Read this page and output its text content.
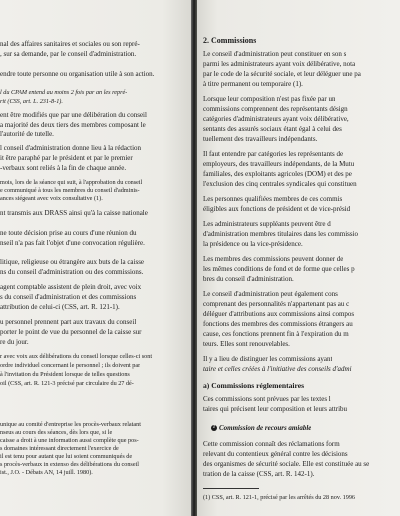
nal des affaires sanitaires et sociales ou son repré-
, sur sa demande, par le conseil d'administration.
endre toute personne ou organisation utile à son action.
l du CPAM entend au moins 2 fois par an les repré-
rit (CSS, art. L. 231-8-1).
ent être modifiés que par une délibération du conseil
a majorité des deux tiers des membres composant le
l'autorité de tutelle.
l conseil d'administration donne lieu à la rédaction
it être paraphé par le président et par le premier
-verbaux sont reliés à la fin de chaque année.
mois, lors de la séance qui suit, à l'approbation du conseil
e communiqué à tous les membres du conseil d'adminis-
ances siégeant avec voix consultative (1).
nt transmis aux DRASS ainsi qu'à la caisse nationale
ne toute décision prise au cours d'une réunion du
nseil n'a pas fait l'objet d'une convocation régulière.
litique, religieuse ou étrangère aux buts de la caisse
ns du conseil d'administration ou des commissions.
agent comptable assistent de plein droit, avec voix
s du conseil d'administration et des commissions
attribution de celui-ci (CSS, art. R. 121-1).
u personnel prennent part aux travaux du conseil
porter le point de vue du personnel de la caisse sur
re du jour.
r avec voix aux délibérations du conseil lorsque celles-ci sont
ordre individuel concernant le personnel ; ils doivent par
à l'invitation du Président lorsque de telles questions
oil (CSS, art. R. 121-3 précisé par circulaire du 27 dé-
unique au comité d'entreprise les procès-verbaux relatant
nseus au cours des séances, dès lors que, si le
caisse a droit à une information aussi complète que pos-
s domaines intéressant directement l'exercice de
il est tenu pour autant que lui soient communiqués de
s procès-verbaux in extenso des délibérations du conseil
ist., J.O. - Débats AN, 14 juill. 1980).
2. Commissions
a) Commissions réglementaires
1 Commission de recours amiable
Le conseil d'administration peut constituer en son s
parmi les administrateurs ayant voix délibérative, nota
par le code de la sécurité sociale, et leur déléguer une pa
à titre permanent ou temporaire (1).
Lorsque leur composition n'est pas fixée par un
commissions comprennent des représentants désign
catégories d'administrateurs ayant voix délibérative,
sentants des assurés sociaux étant égal à celui des
tuellement des travailleurs indépendants.
Il faut entendre par catégories les représentants de
employeurs, des travailleurs indépendants, de la Mutu
familiales, des exploitants agricoles (DOM) et des pe
l'exclusion des cinq centrales syndicales qui constituen
Les personnes qualifiées membres de ces commis
éligibles aux fonctions de président et de vice-présid
Les administrateurs suppléants peuvent être d
d'administration membres titulaires dans les commissio
la présidence ou la vice-présidence.
Les membres des commissions peuvent donner de
les mêmes conditions de fond et de forme que celles p
bres du conseil d'administration.
Le conseil d'administration peut également cons
comprenant des personnalités n'appartenant pas au c
déléguer d'attributions aux commissions ainsi compos
fonctions des membres des commissions étrangers au
cause, ces fonctions prennent fin à l'expiration du m
teurs. Elles sont renouvelables.
Il y a lieu de distinguer les commissions ayant
taire et celles créées à l'initiative des conseils d'admi
Ces commissions sont prévues par les textes l
taires qui précisent leur composition et leurs attribu
Cette commission connaît des réclamations form
relevant du contentieux général contre les décisions
des organismes de sécurité sociale. Elle est constituée au se
tration de la caisse (CSS, art. R. 142-1).
(1) CSS, art. R. 121-1, précisé par les arrêtés du 28 nov. 1996
